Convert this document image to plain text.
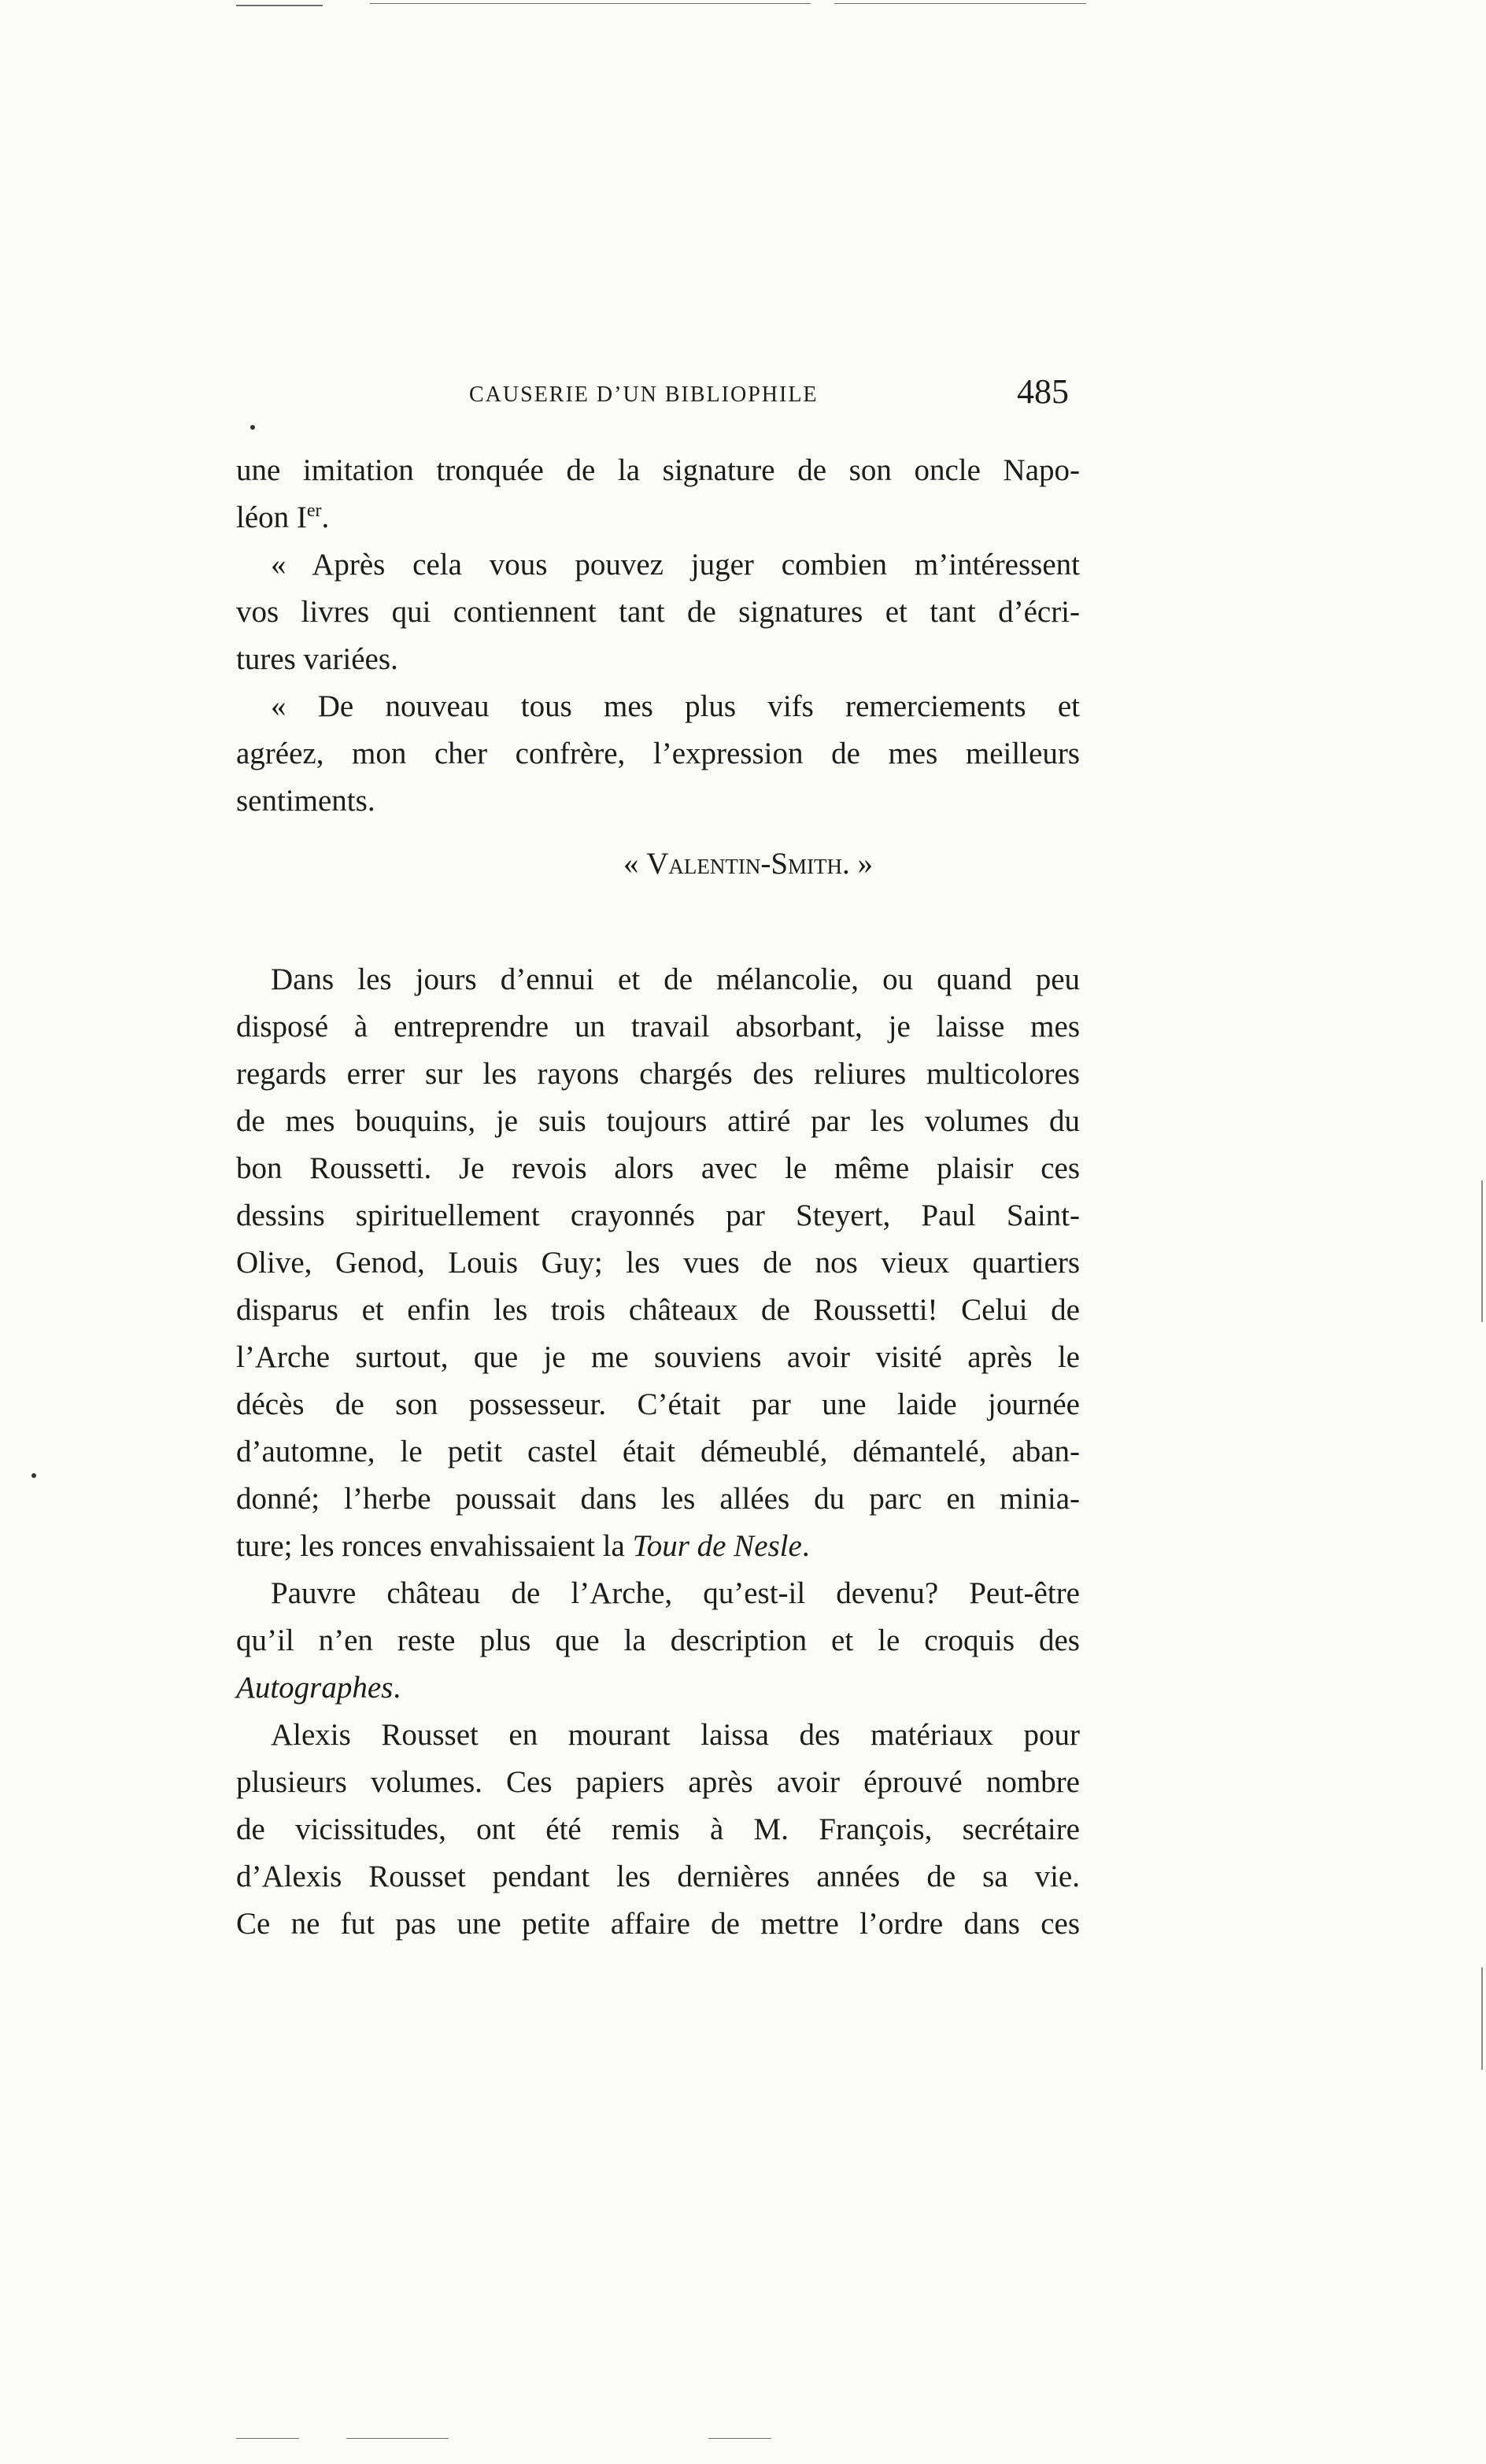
CAUSERIE D’UN BIBLIOPHILE	485
une imitation tronquée de la signature de son oncle Napo-
léon Ier.
« Après cela vous pouvez juger combien m’intéressent
vos livres qui contiennent tant de signatures et tant d’écri-
tures variées.
« De nouveau tous mes plus vifs remerciements et
agréez, mon cher confrère, l’expression de mes meilleurs
sentiments.
« Valentin-Smith. »
Dans les jours d’ennui et de mélancolie, ou quand peu
disposé à entreprendre un travail absorbant, je laisse mes
regards errer sur les rayons chargés des reliures multicolores
de mes bouquins, je suis toujours attiré par les volumes du
bon Roussetti. Je revois alors avec le même plaisir ces
dessins spirituellement crayonnés par Steyert, Paul Saint-
Olive, Genod, Louis Guy; les vues de nos vieux quartiers
disparus et enfin les trois châteaux de Roussetti! Celui de
l’Arche surtout, que je me souviens avoir visité après le
décès de son possesseur. C’était par une laide journée
d’automne, le petit castel était démeublé, démantelé, aban-
donné; l’herbe poussait dans les allées du parc en minia-
ture; les ronces envahissaient la Tour de Nesle.
Pauvre château de l’Arche, qu’est-il devenu? Peut-être
qu’il n’en reste plus que la description et le croquis des
Autographes.
Alexis Rousset en mourant laissa des matériaux pour
plusieurs volumes. Ces papiers après avoir éprouvé nombre
de vicissitudes, ont été remis à M. François, secrétaire
d’Alexis Rousset pendant les dernières années de sa vie.
Ce ne fut pas une petite affaire de mettre l’ordre dans ces
